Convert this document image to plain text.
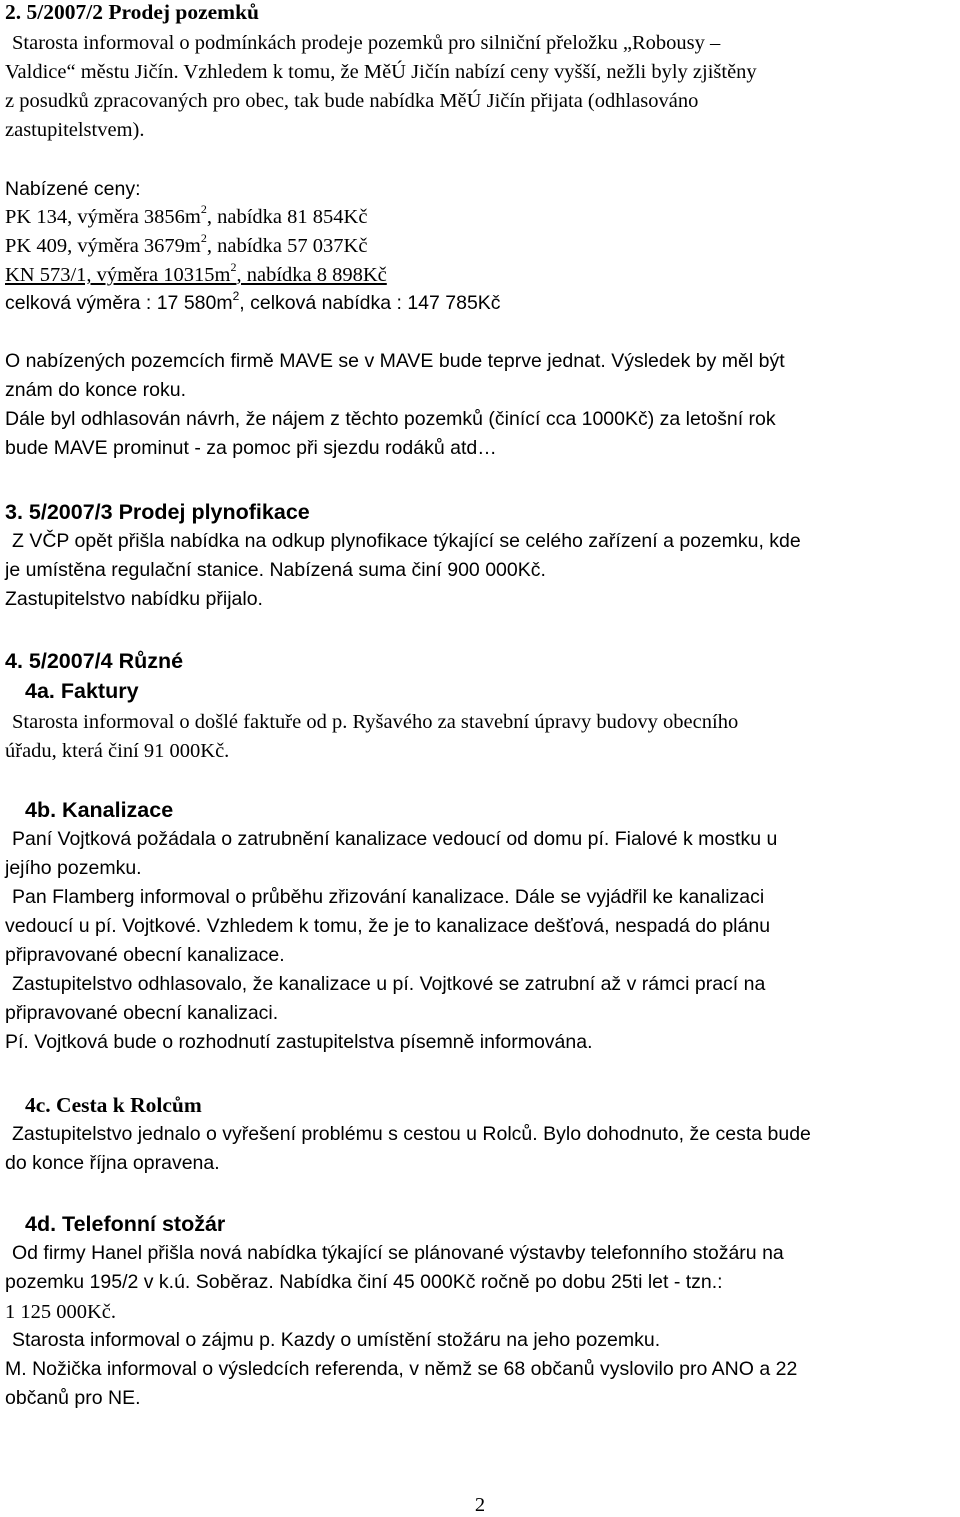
2. 5/2007/2 Prodej pozemků
Starosta informoval o podmínkách prodeje pozemků pro silniční přeložku „Robousy –
Valdice“ městu Jičín. Vzhledem k tomu, že MěÚ Jičín nabízí ceny vyšší, nežli byly zjištěny
z posudků zpracovaných pro obec, tak bude nabídka MěÚ Jičín přijata (odhlasováno
zastupitelstvem).
Nabízené ceny:
PK 134, výměra $3856m^2$, nabídka 81 854Kč
PK 409, výměra $3679m^2$, nabídka 57 037Kč
KN 573/1, výměra $10315m^2$, nabídka 8 898Kč
celková výměra : 17 $580m^2$, celková nabídka : 147 785Kč
O nabízených pozemcích firmě MAVE se v MAVE bude teprve jednat. Výsledek by měl být
znám do konce roku.
Dále byl odhlasován návrh, že nájem z těchto pozemků (činící cca 1000Kč) za letošní rok
bude MAVE prominut - za pomoc při sjezdu rodáků atd…
3. 5/2007/3 Prodej plynofikace
Z VČP opět přišla nabídka na odkup plynofikace týkající se celého zařízení a pozemku, kde
je umístěna regulační stanice. Nabízená suma činí 900 000Kč.
Zastupitelstvo nabídku přijalo.
4. 5/2007/4 Různé
4a. Faktury
Starosta informoval o došlé faktuře od p. Ryšavého za stavební úpravy budovy obecního
úřadu, která činí 91 000Kč.
4b. Kanalizace
Paní Vojtková požádala o zatrubnění kanalizace vedoucí od domu pí. Fialové k mostku u
jejího pozemku.
Pan Flamberg informoval o průběhu zřizování kanalizace. Dále se vyjádřil ke kanalizaci
vedoucí u pí. Vojtkové. Vzhledem k tomu, že je to kanalizace dešťová, nespadá do plánu
připravované obecní kanalizace.
Zastupitelstvo odhlasovalo, že kanalizace u pí. Vojtkové se zatrubní až v rámci prací na
připravované obecní kanalizaci.
Pí. Vojtková bude o rozhodnutí zastupitelstva písemně informována.
4c. Cesta k Rolcům
Zastupitelstvo jednalo o vyřešení problému s cestou u Rolců. Bylo dohodnuto, že cesta bude
do konce října opravena.
4d. Telefonní stožár
Od firmy Hanel přišla nová nabídka týkající se plánované výstavby telefonního stožáru na
pozemku 195/2 v k.ú. Soběraz. Nabídka činí 45 000Kč ročně po dobu 25ti let - tzn.:
1 125 000Kč.
Starosta informoval o zájmu p. Kazdy o umístění stožáru na jeho pozemku.
M. Nožička informoval o výsledcích referenda, v němž se 68 občanů vyslovilo pro ANO a 22
občanů pro NE.
2
